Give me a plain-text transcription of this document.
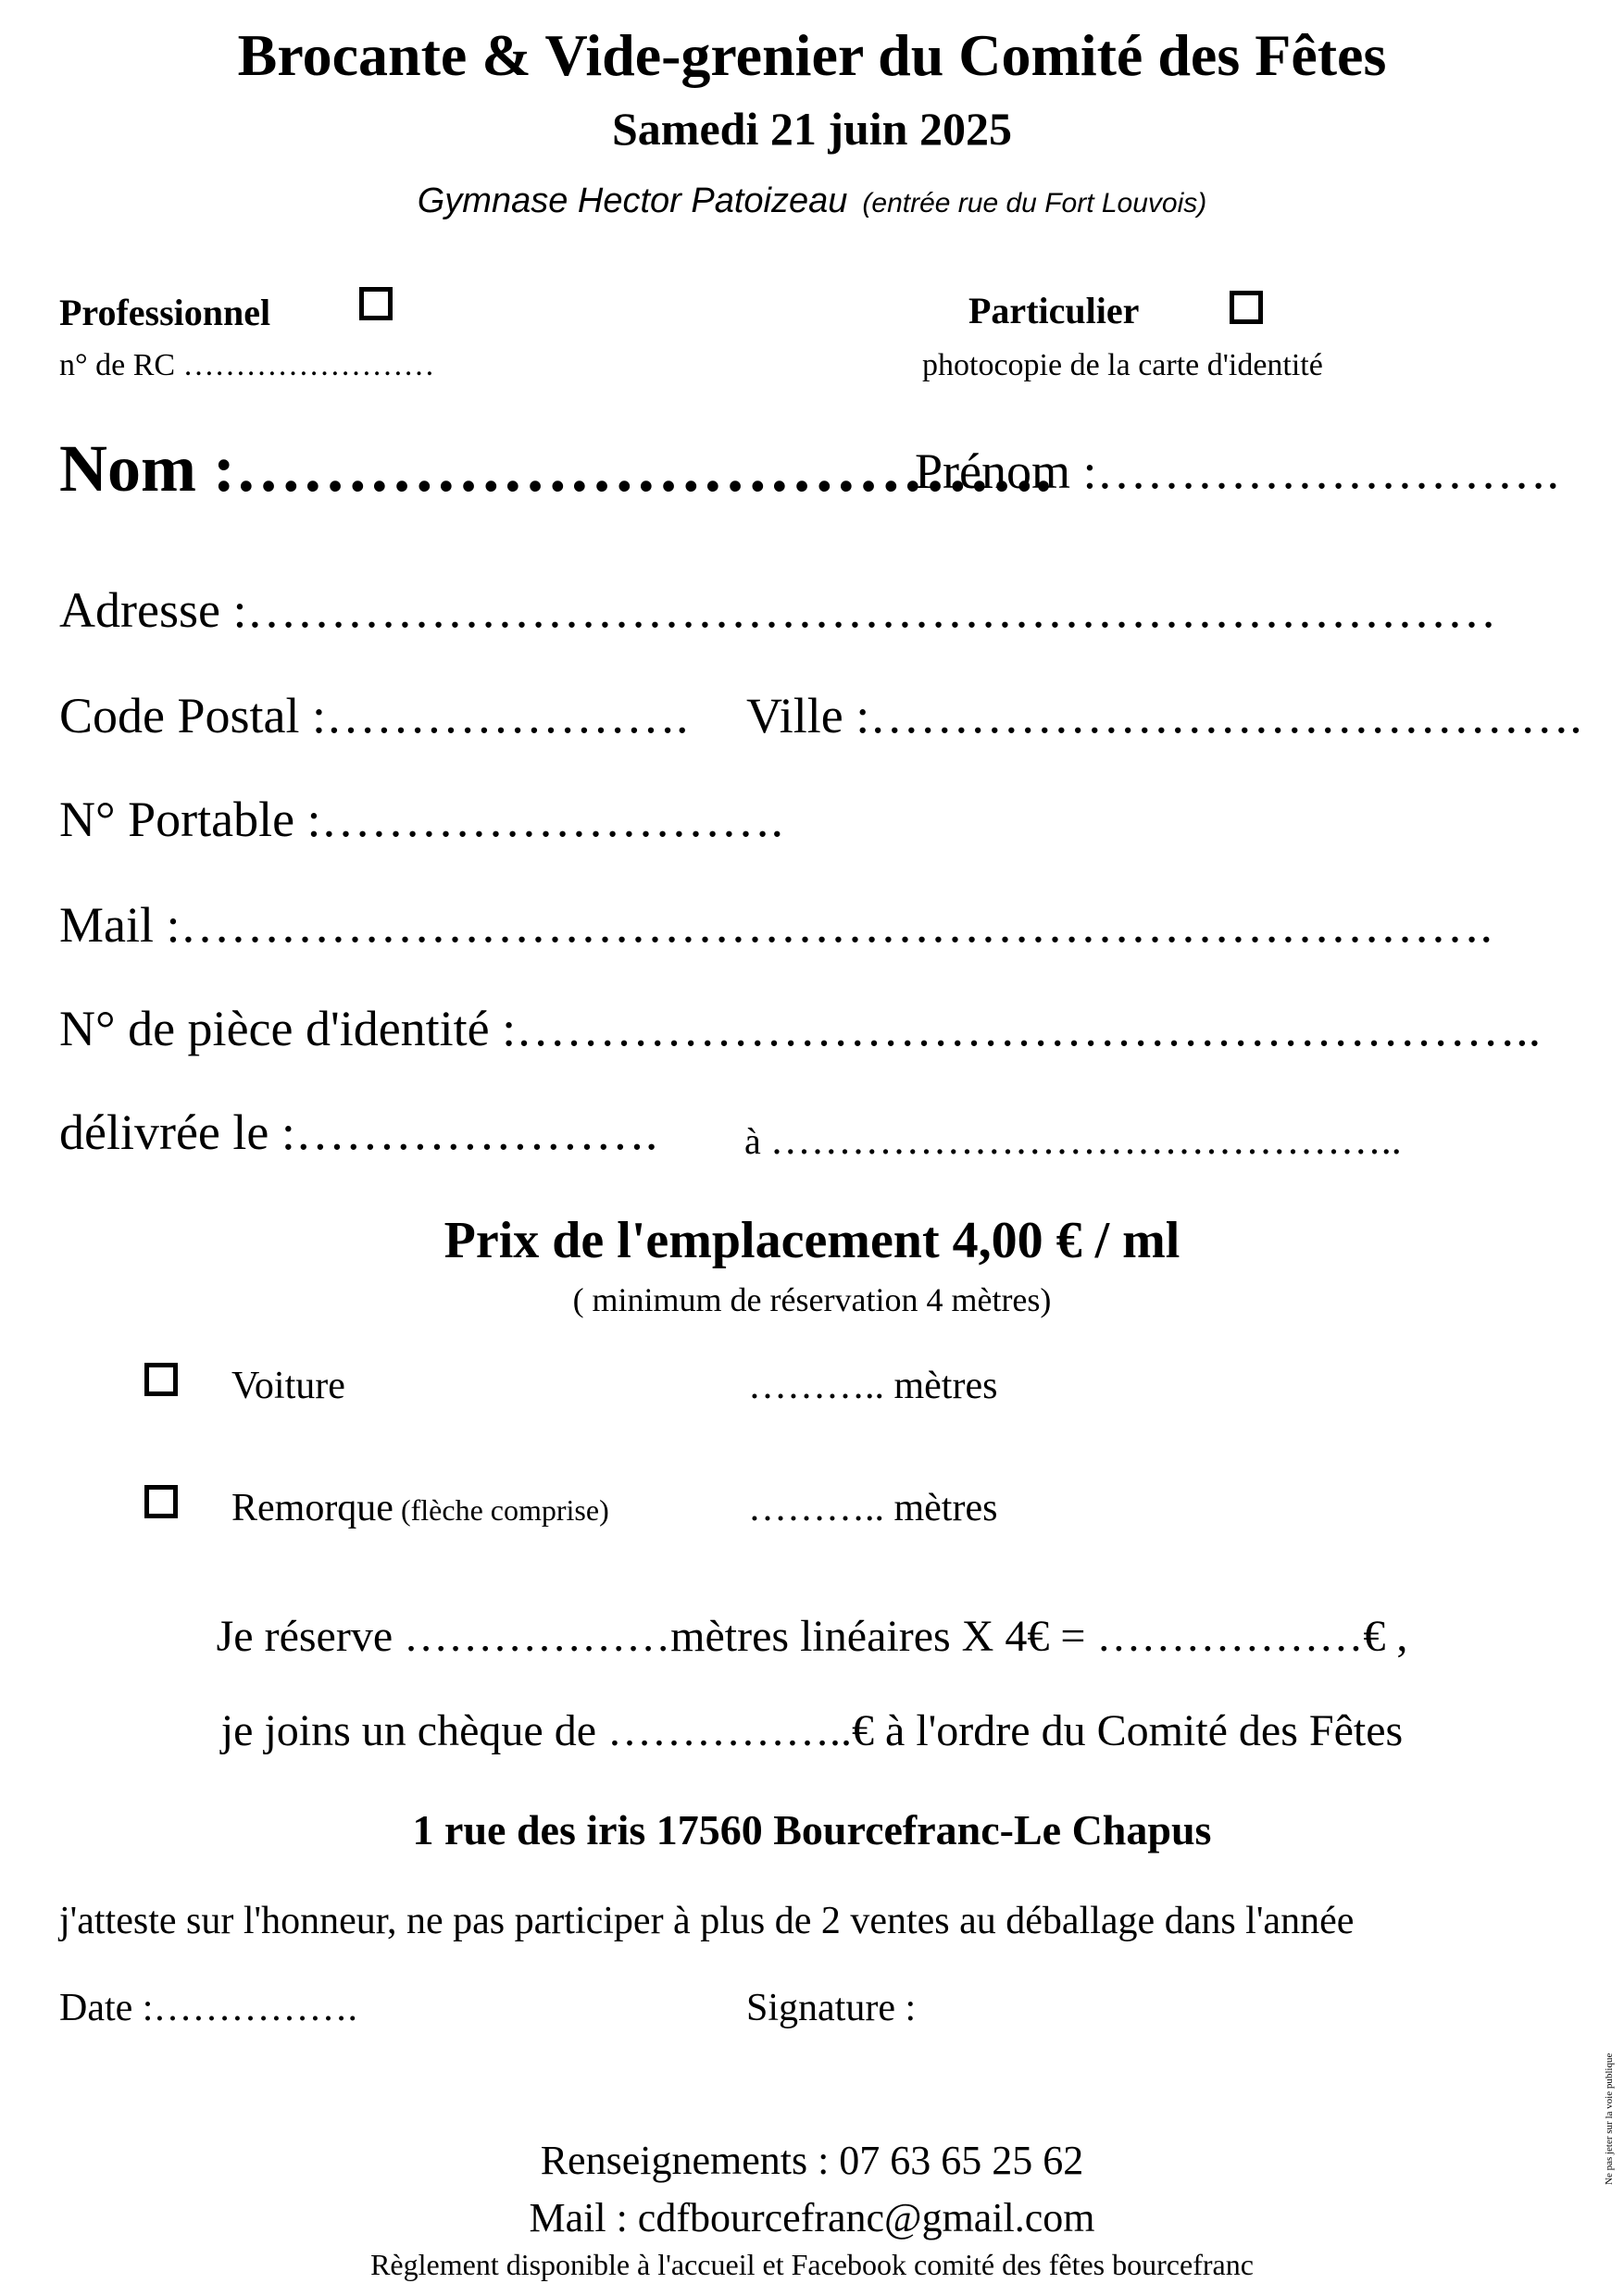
Brocante & Vide-grenier du Comité des Fêtes
Samedi 21 juin 2025
Gymnase Hector Patoizeau (entrée rue du Fort Louvois)
Professionnel
n° de RC ……………………
Particulier
photocopie de la carte d'identité
Nom :……………………………….
Prénom :……………………….
Adresse :…………………………………………………………………
Code Postal :…………………. Ville :…………………………………….
N° Portable :……………………….
Mail :…………………………………………………………………….
N° de pièce d'identité :……………………………………………………..
délivrée le :…………………. à ………………………………………..
Prix de l'emplacement 4,00 € / ml
( minimum de réservation 4 mètres)
Voiture	……….. mètres
Remorque (flèche comprise)	……….. mètres
Je réserve ………………mètres linéaires X 4€ = ………………€ ,
je joins un chèque de ……………..€ à l'ordre du Comité des Fêtes
1 rue des iris 17560 Bourcefranc-Le Chapus
j'atteste sur l'honneur, ne pas participer à plus de 2 ventes au déballage dans l'année
Date :…………….	Signature :
Renseignements : 07 63 65 25 62
Mail : cdfbourcefranc@gmail.com
Règlement disponible à l'accueil et Facebook comité des fêtes bourcefranc
Ne pas jeter sur la voie publique
